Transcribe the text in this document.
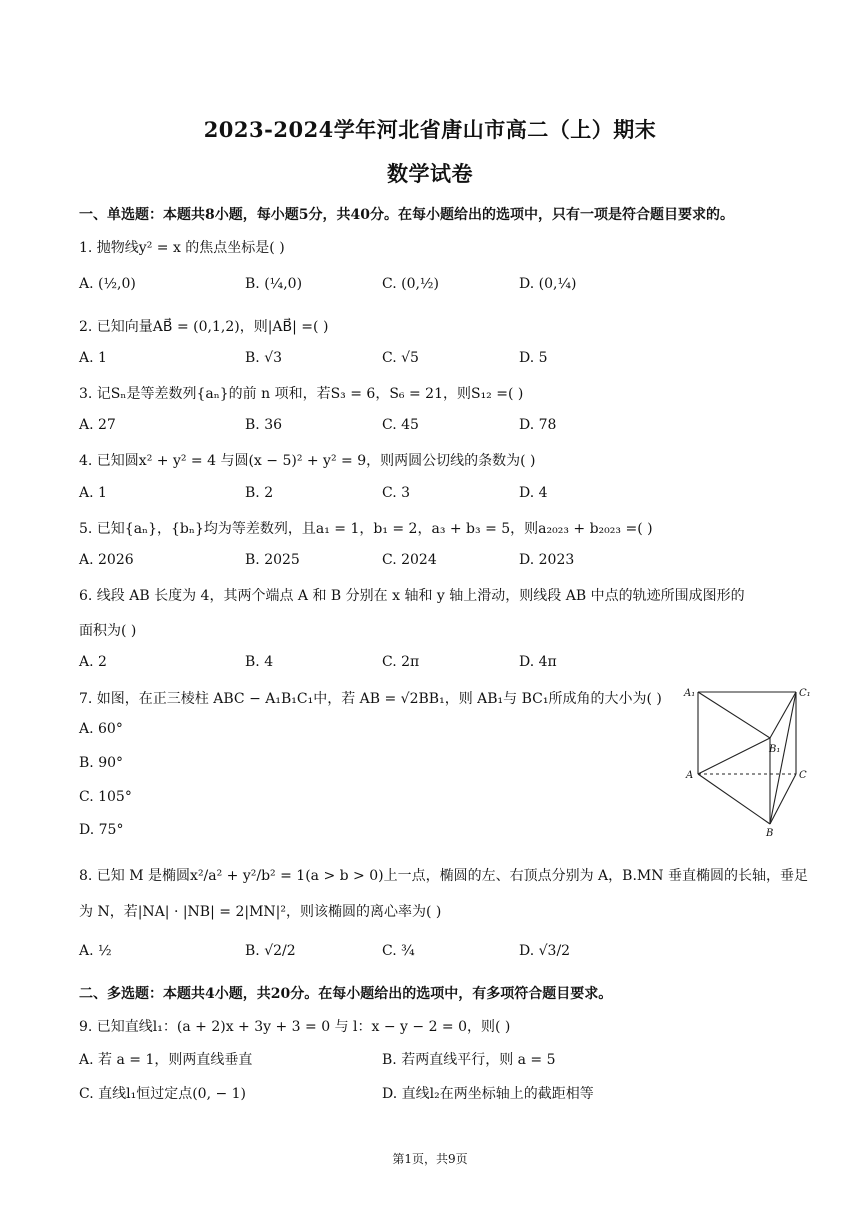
2023-2024学年河北省唐山市高二（上）期末
数学试卷
一、单选题：本题共8小题，每小题5分，共40分。在每小题给出的选项中，只有一项是符合题目要求的。
1. 抛物线y² = x 的焦点坐标是( )
A. (½,0)	B. (¼,0)	C. (0,½)	D. (0,¼)
2. 已知向量AB⃗ = (0,1,2)，则|AB⃗| =( )
A. 1	B. √3	C. √5	D. 5
3. 记Sₙ是等差数列{aₙ}的前 n 项和，若S₃ = 6，S₆ = 21，则S₁₂ =( )
A. 27	B. 36	C. 45	D. 78
4. 已知圆x² + y² = 4 与圆(x − 5)² + y² = 9，则两圆公切线的条数为( )
A. 1	B. 2	C. 3	D. 4
5. 已知{aₙ}，{bₙ}均为等差数列，且a₁ = 1，b₁ = 2，a₃ + b₃ = 5，则a₂₀₂₃ + b₂₀₂₃ =( )
A. 2026	B. 2025	C. 2024	D. 2023
6. 线段 AB 长度为 4，其两个端点 A 和 B 分别在 x 轴和 y 轴上滑动，则线段 AB 中点的轨迹所围成图形的
面积为( )
A. 2	B. 4	C. 2π	D. 4π
7. 如图，在正三棱柱 ABC − A₁B₁C₁中，若 AB = √2BB₁，则 AB₁与 BC₁所成角的大小为( )
A. 60°
B. 90°
C. 105°
D. 75°
A₁	C₁
B₁
A	C
B
8. 已知 M 是椭圆x²/a² + y²/b² = 1(a > b > 0)上一点，椭圆的左、右顶点分别为 A，B.MN 垂直椭圆的长轴，垂足
为 N，若|NA| · |NB| = 2|MN|²，则该椭圆的离心率为( )
A. ½	B. √2/2	C. ¾	D. √3/2
二、多选题：本题共4小题，共20分。在每小题给出的选项中，有多项符合题目要求。
9. 已知直线l₁：(a + 2)x + 3y + 3 = 0 与 l：x − y − 2 = 0，则( )
A. 若 a = 1，则两直线垂直	B. 若两直线平行，则 a = 5
C. 直线l₁恒过定点(0, − 1)	D. 直线l₂在两坐标轴上的截距相等
第1页，共9页
